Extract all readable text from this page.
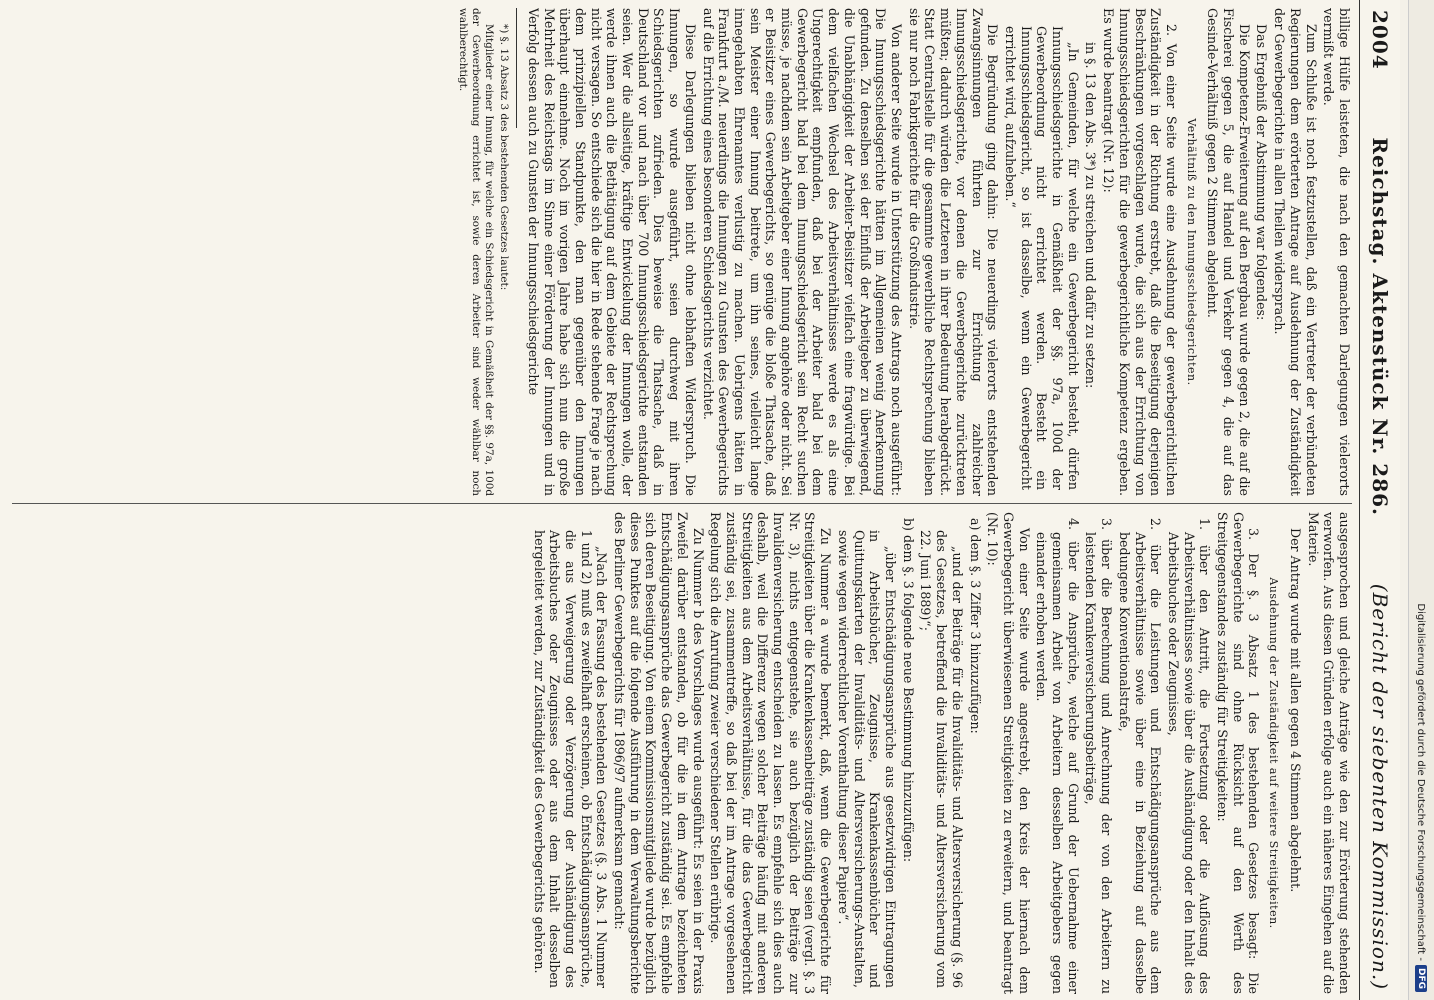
2004
Reichstag. Aktenstück Nr. 286.
(Bericht der siebenten Kommission.)

billige Hülfe leisteten, die nach den gemachten Darlegungen vielerorts vermißt werde.

Zum Schluße ist noch festzustellen, daß ein Vertreter der verbündeten Regierungen dem erörterten Antrage auf Ausdehnung der Zuständigkeit der Gewerbegerichte in allen Theilen widersprach.

Das Ergebniß der Abstimmung war folgendes:

Die Kompetenz-Erweiterung auf den Bergbau wurde gegen 2, die auf die Fischerei gegen 5, die auf Handel und Verkehr gegen 4, die auf das Gesinde-Verhältniß gegen 2 Stimmen abgelehnt.

Verhältniß zu den Innungsschiedsgerichten.

2. Von einer Seite wurde eine Ausdehnung der gewerbegerichtlichen Zuständigkeit in der Richtung erstrebt, daß die Beseitigung derjenigen Beschränkungen vorgeschlagen wurde, die sich aus der Errichtung von Innungsschiedsgerichten für die gewerbegerichtliche Kompetenz ergeben. Es wurde beantragt (Nr. 12):

in §. 13 den Abs. 3*) zu streichen und dafür zu setzen:

„In Gemeinden, für welche ein Gewerbegericht besteht, dürfen Innungsschiedsgerichte in Gemäßheit der §§. 97a, 100d der Gewerbeordnung nicht errichtet werden. Besteht ein Innungsschiedsgericht, so ist dasselbe, wenn ein Gewerbegericht errichtet wird, aufzuheben.“

Die Begründung ging dahin: Die neuerdings vielerorts entstehenden Zwangsinnungen führten zur Errichtung zahlreicher Innungsschiedsgerichte, vor denen die Gewerbegerichte zurücktreten müßten; dadurch würden die Letzteren in ihrer Bedeutung herabgedrückt. Statt Centralstelle für die gesammte gewerbliche Rechtsprechung blieben sie nur noch Fabrikgerichte für die Großindustrie.

Von anderer Seite wurde in Unterstützung des Antrags noch ausgeführt: Die Innungsschiedsgerichte hätten im Allgemeinen wenig Anerkennung gefunden. Zu denselben sei der Einfluß der Arbeitgeber zu überwiegend, die Unabhängigkeit der Arbeiter-Beisitzer vielfach eine fragwürdige. Bei dem vielfachen Wechsel des Arbeitsverhältnisses werde es als eine Ungerechtigkeit empfunden, daß bei der Arbeiter bald bei dem Gewerbegericht bald bei dem Innungsschiedsgericht sein Recht suchen müsse, je nachdem sein Arbeitgeber einer Innung angehöre oder nicht. Sei er Beisitzer eines Gewerbegerichts, so genüge die bloße Thatsache, daß sein Meister einer Innung beitrete, um ihn seines, vielleicht lange innegehabten Ehrenamtes verlustig zu machen. Uebrigens hätten in Frankfurt a./M. neuerdings die Innungen zu Gunsten des Gewerbegerichts auf die Errichtung eines besonderen Schiedsgerichts verzichtet.

Diese Darlegungen blieben nicht ohne lebhaften Widerspruch. Die Innungen, so wurde ausgeführt, seien durchweg mit ihren Schiedsgerichten zufrieden. Dies beweise die Thatsache, daß in Deutschland vor und nach über 700 Innungsschiedsgerichte entstanden seien. Wer die allseitige, kräftige Entwickelung der Innungen wolle, der werde ihnen auch die Bethätigung auf dem Gebiete der Rechtsprechung nicht versagen. So entschiede sich die hier in Rede stehende Frage je nach dem prinzipiellen Standpunkte, den man gegenüber den Innungen überhaupt einnehme. Noch im vorigen Jahre habe sich nun die große Mehrheit des Reichstags im Sinne einer Förderung der Innungen und in Verfolg dessen auch zu Gunsten der Innungsschiedsgerichte

*) §. 13 Absatz 3 des bestehenden Gesetzes lautet:

Mitglieder einer Innung, für welche ein Schiedsgericht in Gemäßheit der §§. 97a, 100d der Gewerbeordnung errichtet ist, sowie deren Arbeiter sind weder wählbar noch wahlberechtigt.

ausgesprochen und gleiche Anträge wie den zur Erörterung stehenden verworfen. Aus diesen Gründen erfolge auch ein näheres Eingehen auf die Materie.

Der Antrag wurde mit allen gegen 4 Stimmen abgelehnt.

Ausdehnung der Zuständigkeit auf weitere Streitigkeiten.

3. Der §. 3 Absatz 1 des bestehenden Gesetzes besagt: Die Gewerbegerichte sind ohne Rücksicht auf den Werth des Streitgegenstandes zuständig für Streitigkeiten:

1. über den Antritt, die Fortsetzung oder die Auflösung des Arbeitsverhältnisses sowie über die Aushändigung oder den Inhalt des Arbeitsbuches oder Zeugnisses,

2. über die Leistungen und Entschädigungsansprüche aus dem Arbeitsverhältnisse sowie über eine in Beziehung auf dasselbe bedungene Konventionalstrafe,

3. über die Berechnung und Anrechnung der von den Arbeitern zu leistenden Krankenversicherungsbeiträge,

4. über die Ansprüche, welche auf Grund der Uebernahme einer gemeinsamen Arbeit von Arbeitern desselben Arbeitgebers gegen einander erhoben werden.

Von einer Seite wurde angestrebt, den Kreis der hiernach dem Gewerbegericht überwiesenen Streitigkeiten zu erweitern, und beantragt (Nr. 10):

a) dem §. 3 Ziffer 3 hinzuzufügen:

„und der Beiträge für die Invaliditäts- und Altersversicherung (§. 96 des Gesetzes, betreffend die Invaliditäts- und Altersversicherung vom 22. Juni 1889)“;

b) dem §. 3 folgende neue Bestimmung hinzuzufügen:

„über Entschädigungsansprüche aus gesetzwidrigen Eintragungen in Arbeitsbücher, Zeugnisse, Krankenkassenbücher und Quittungskarten der Invaliditäts- und Altersversicherungs-Anstalten, sowie wegen widerrechtlicher Vorenthaltung dieser Papiere“.

Zu Nummer a wurde bemerkt, daß, wenn die Gewerbegerichte für Streitigkeiten über die Krankenkassenbeiträge zuständig seien (vergl. §. 3 Nr. 3), nichts entgegenstehe, sie auch bezüglich der Beiträge zur Invalidenversicherung entscheiden zu lassen. Es empfehle sich dies auch deshalb, weil die Differenz wegen solcher Beiträge häufig mit anderen Streitigkeiten aus dem Arbeitsverhältnisse, für die das Gewerbegericht zuständig sei, zusammentreffe, so daß bei der im Antrage vorgesehenen Regelung sich die Anrufung zweier verschiedener Stellen erübrige.

Zu Nummer b des Vorschlages wurde ausgeführt: Es seien in der Praxis Zweifel darüber entstanden, ob für die in dem Antrage bezeichneten Entschädigungsansprüche das Gewerbegericht zuständig sei. Es empfehle sich deren Beseitigung. Von einem Kommissionsmitgliede wurde bezüglich dieses Punktes auf die folgende Ausführung in dem Verwaltungsberichte des Berliner Gewerbegerichts für 1896/97 aufmerksam gemacht:

„Nach der Fassung des bestehenden Gesetzes (§. 3 Abs. 1 Nummer 1 und 2) muß es zweifelhaft erscheinen, ob Entschädigungsansprüche, die aus Verweigerung oder Verzögerung der Aushändigung des Arbeitsbuches oder Zeugnisses oder aus dem Inhalt desselben hergeleitet werden, zur Zuständigkeit des Gewerbegerichts gehören.	Digitalisierung gefördert durch die Deutsche Forschungsgemeinschaft -
DFG
